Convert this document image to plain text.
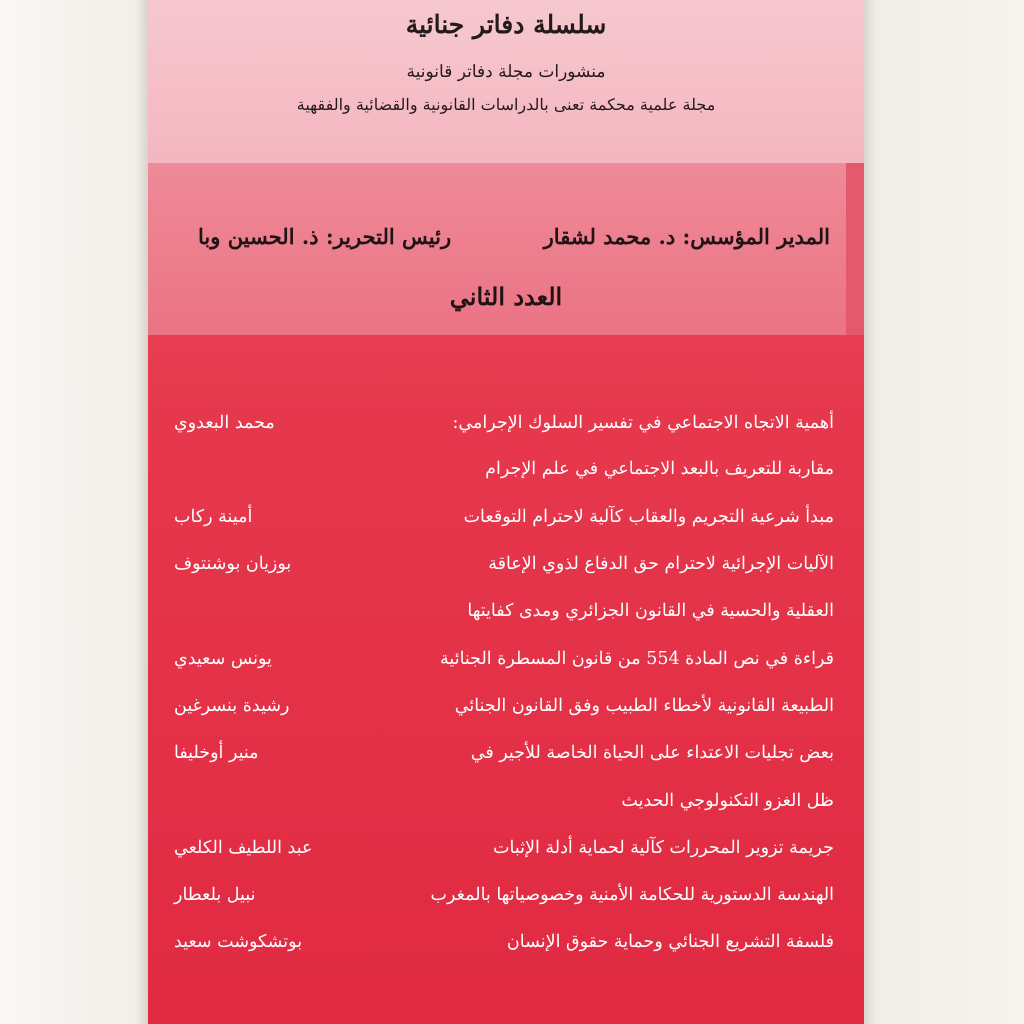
سلسلة دفاتر جنائية
منشورات مجلة دفاتر قانونية
مجلة علمية محكمة تعنى بالدراسات القانونية والقضائية والفقهية
المدير المؤسس: د. محمد لشقار
رئيس التحرير: ذ. الحسين وبا
العدد الثاني
أهمية الاتجاه الاجتماعي في تفسير السلوك الإجرامي:
محمد البعدوي
مقاربة للتعريف بالبعد الاجتماعي في علم الإجرام
مبدأ شرعية التجريم والعقاب كآلية لاحترام التوقعات
أمينة ركاب
الآليات الإجرائية لاحترام حق الدفاع لذوي الإعاقة
بوزيان بوشنتوف
العقلية والحسية في القانون الجزائري ومدى كفايتها
قراءة في نص المادة 554 من قانون المسطرة الجنائية
يونس سعيدي
الطبيعة القانونية لأخطاء الطبيب وفق القانون الجنائي
رشيدة بنسرغين
بعض تجليات الاعتداء على الحياة الخاصة للأجير في
منير أوخليفا
ظل الغزو التكنولوجي الحديث
جريمة تزوير المحررات كآلية لحماية أدلة الإثبات
عبد اللطيف الكلعي
الهندسة الدستورية للحكامة الأمنية وخصوصياتها بالمغرب
نبيل بلعطار
فلسفة التشريع الجنائي وحماية حقوق الإنسان
بوتشكوشت سعيد
